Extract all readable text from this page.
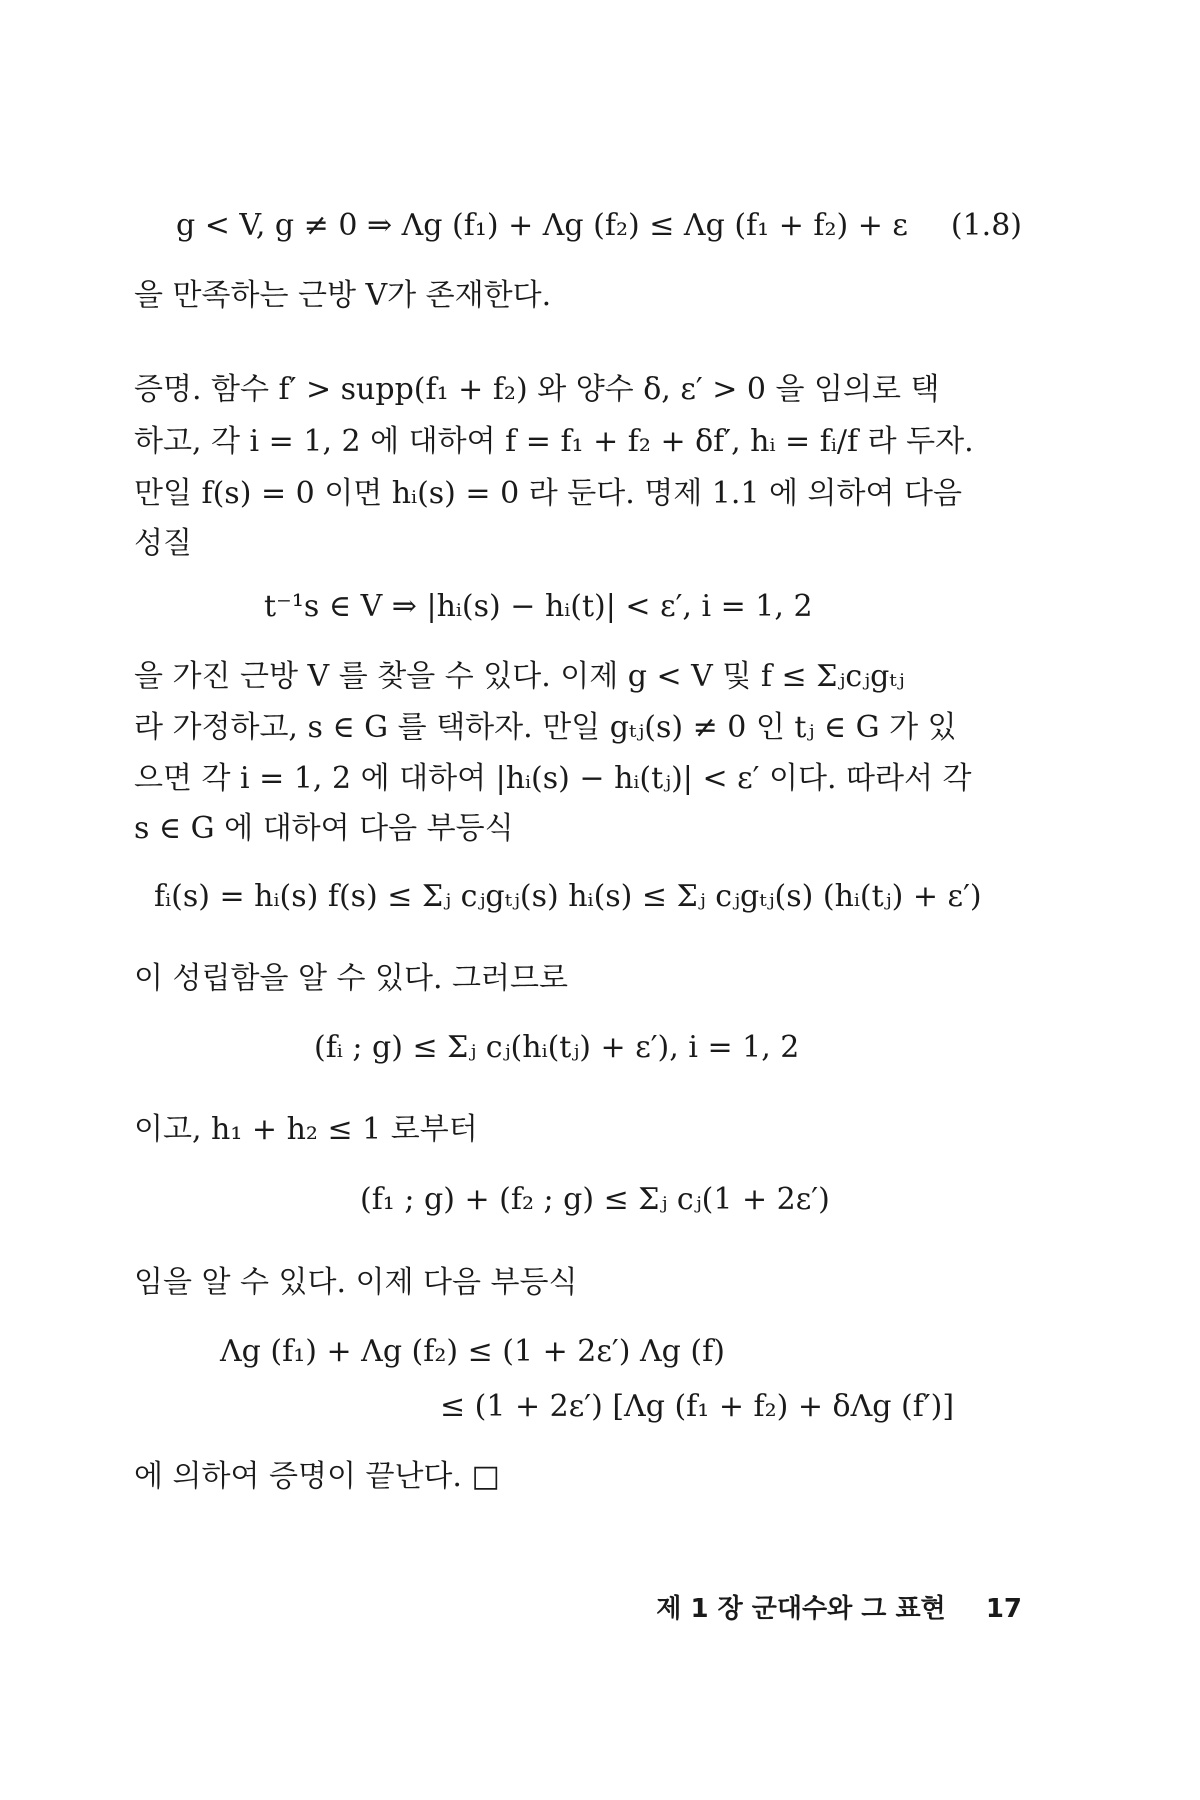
g < V, g ≠ 0 ⇒ Λg (f₁) + Λg (f₂) ≤ Λg (f₁ + f₂) + ε (1.8)
을 만족하는 근방 V가 존재한다.
증명. 함수 f′ > supp(f₁ + f₂) 와 양수 δ, ε′ > 0 을 임의로 택
하고, 각 i = 1, 2 에 대하여 f = f₁ + f₂ + δf′, hᵢ = fᵢ/f 라 두자.
만일 f(s) = 0 이면 hᵢ(s) = 0 라 둔다. 명제 1.1 에 의하여 다음
성질
t⁻¹s ∈ V ⇒ |hᵢ(s) − hᵢ(t)| < ε′, i = 1, 2
을 가진 근방 V 를 찾을 수 있다. 이제 g < V 및 f ≤ Σⱼcⱼgₜⱼ
라 가정하고, s ∈ G 를 택하자. 만일 gₜⱼ(s) ≠ 0 인 tⱼ ∈ G 가 있
으면 각 i = 1, 2 에 대하여 |hᵢ(s) − hᵢ(tⱼ)| < ε′ 이다. 따라서 각
s ∈ G 에 대하여 다음 부등식
fᵢ(s) = hᵢ(s) f(s) ≤ Σⱼ cⱼgₜⱼ(s) hᵢ(s) ≤ Σⱼ cⱼgₜⱼ(s) (hᵢ(tⱼ) + ε′)
이 성립함을 알 수 있다. 그러므로
(fᵢ ; g) ≤ Σⱼ cⱼ(hᵢ(tⱼ) + ε′), i = 1, 2
이고, h₁ + h₂ ≤ 1 로부터
(f₁ ; g) + (f₂ ; g) ≤ Σⱼ cⱼ(1 + 2ε′)
임을 알 수 있다. 이제 다음 부등식
Λg (f₁) + Λg (f₂) ≤ (1 + 2ε′) Λg (f)
≤ (1 + 2ε′) [Λg (f₁ + f₂) + δΛg (f′)]
에 의하여 증명이 끝난다. □
제 1 장 군대수와 그 표현 17
